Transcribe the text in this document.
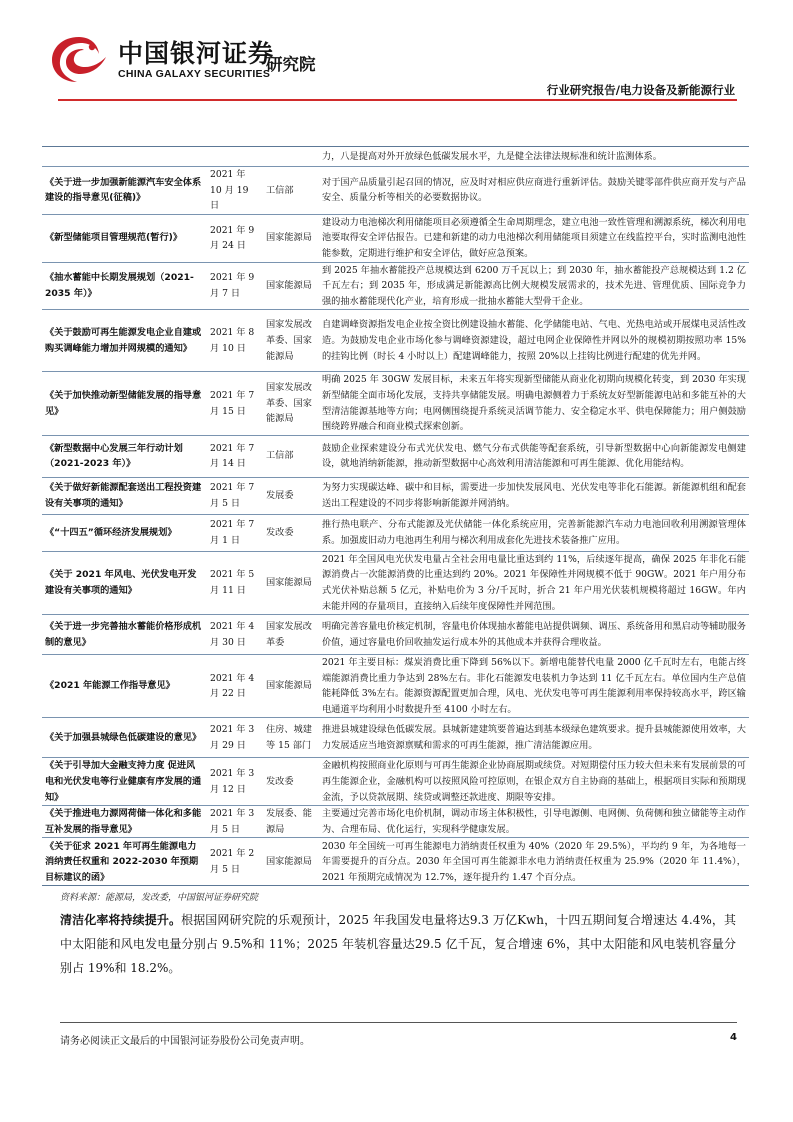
中国银河证券
CHINA GALAXY SECURITIES
研究院
行业研究报告/电力设备及新能源行业
			力，八是提高对外开放绿色低碳发展水平，九是健全法律法规标准和统计监测体系。
《关于进一步加强新能源汽车安全体系建设的指导意见(征稿)》	2021 年 10 月 19 日	工信部	对于国产品质量引起召回的情况，应及时对相应供应商进行重新评估。鼓励关键零部件供应商开发与产品安全、质量分析等相关的必要数据协议。
《新型储能项目管理规范(暂行)》	2021 年 9 月 24 日	国家能源局	建设动力电池梯次利用储能项目必须遵循全生命周期理念，建立电池一致性管理和溯源系统，梯次利用电池要取得安全评估报告。已建和新建的动力电池梯次利用储能项目须建立在线监控平台，实时监测电池性能参数，定期进行维护和安全评估，做好应急预案。
《抽水蓄能中长期发展规划（2021-2035 年）》	2021 年 9 月 7 日	国家能源局	到 2025 年抽水蓄能投产总规模达到 6200 万千瓦以上；到 2030 年，抽水蓄能投产总规模达到 1.2 亿千瓦左右；到 2035 年，形成满足新能源高比例大规模发展需求的，技术先进、管理优质、国际竞争力强的抽水蓄能现代化产业，培育形成一批抽水蓄能大型骨干企业。
《关于鼓励可再生能源发电企业自建或购买调峰能力增加并网规模的通知》	2021 年 8 月 10 日	国家发展改革委、国家能源局	自建调峰资源指发电企业按全资比例建设抽水蓄能、化学储能电站、气电、光热电站或开展煤电灵活性改造。为鼓励发电企业市场化参与调峰资源建设，超过电网企业保障性并网以外的规模初期按照功率 15%的挂钩比例（时长 4 小时以上）配建调峰能力，按照 20%以上挂钩比例进行配建的优先并网。
《关于加快推动新型储能发展的指导意见》	2021 年 7 月 15 日	国家发展改革委、国家能源局	明确 2025 年 30GW 发展目标，未来五年将实现新型储能从商业化初期向规模化转变，到 2030 年实现新型储能全面市场化发展，支持共享储能发展。明确电源侧着力于系统友好型新能源电站和多能互补的大型清洁能源基地等方向；电网侧围绕提升系统灵活调节能力、安全稳定水平、供电保障能力；用户侧鼓励围绕跨界融合和商业模式探索创新。
《新型数据中心发展三年行动计划（2021-2023 年）》	2021 年 7 月 14 日	工信部	鼓励企业探索建设分布式光伏发电、燃气分布式供能等配套系统，引导新型数据中心向新能源发电侧建设，就地消纳新能源，推动新型数据中心高效利用清洁能源和可再生能源、优化用能结构。
《关于做好新能源配套送出工程投资建设有关事项的通知》	2021 年 7 月 5 日	发展委	为努力实现碳达峰、碳中和目标，需要进一步加快发展风电、光伏发电等非化石能源。新能源机组和配套送出工程建设的不同步将影响新能源并网消纳。
《“十四五”循环经济发展规划》	2021 年 7 月 1 日	发改委	推行热电联产、分布式能源及光伏储能一体化系统应用，完善新能源汽车动力电池回收利用溯源管理体系。加强废旧动力电池再生利用与梯次利用成套化先进技术装备推广应用。
《关于 2021 年风电、光伏发电开发建设有关事项的通知》	2021 年 5 月 11 日	国家能源局	2021 年全国风电光伏发电量占全社会用电量比重达到约 11%，后续逐年提高，确保 2025 年非化石能源消费占一次能源消费的比重达到约 20%。2021 年保障性并网规模不低于 90GW。2021 年户用分布式光伏补贴总额 5 亿元，补贴电价为 3 分/千瓦时，折合 21 年户用光伏装机规模将超过 16GW。年内未能并网的存量项目，直接纳入后续年度保障性并网范围。
《关于进一步完善抽水蓄能价格形成机制的意见》	2021 年 4 月 30 日	国家发展改革委	明确完善容量电价核定机制，容量电价体现抽水蓄能电站提供调频、调压、系统备用和黑启动等辅助服务价值，通过容量电价回收抽发运行成本外的其他成本并获得合理收益。
《2021 年能源工作指导意见》	2021 年 4 月 22 日	国家能源局	2021 年主要目标：煤炭消费比重下降到 56%以下。新增电能替代电量 2000 亿千瓦时左右，电能占终端能源消费比重力争达到 28%左右。非化石能源发电装机力争达到 11 亿千瓦左右。单位国内生产总值能耗降低 3%左右。能源资源配置更加合理，风电、光伏发电等可再生能源利用率保持较高水平，跨区输电通道平均利用小时数提升至 4100 小时左右。
《关于加强县城绿色低碳建设的意见》	2021 年 3 月 29 日	住房、城建等 15 部门	推进县城建设绿色低碳发展。县城新建建筑要普遍达到基本级绿色建筑要求。提升县城能源使用效率，大力发展适应当地资源禀赋和需求的可再生能源，推广清洁能源应用。
《关于引导加大金融支持力度 促进风电和光伏发电等行业健康有序发展的通知》	2021 年 3 月 12 日	发改委	金融机构按照商业化原则与可再生能源企业协商展期或续贷。对短期偿付压力较大但未来有发展前景的可再生能源企业，金融机构可以按照风险可控原则，在银企双方自主协商的基础上，根据项目实际和预期现金流，予以贷款展期、续贷或调整还款进度、期限等安排。
《关于推进电力源网荷储一体化和多能互补发展的指导意见》	2021 年 3 月 5 日	发展委、能源局	主要通过完善市场化电价机制，调动市场主体积极性，引导电源侧、电网侧、负荷侧和独立储能等主动作为、合理布局、优化运行，实现科学健康发展。
《关于征求 2021 年可再生能源电力消纳责任权重和 2022-2030 年预期目标建议的函》	2021 年 2 月 5 日	国家能源局	2030 年全国统一可再生能源电力消纳责任权重为 40%（2020 年 29.5%），平均约 9 年，为各地每一年需要提升的百分点。2030 年全国可再生能源非水电力消纳责任权重为 25.9%（2020 年 11.4%），2021 年预期完成情况为 12.7%，逐年提升约 1.47 个百分点。
资料来源：能源局，发改委，中国银河证券研究院
清洁化率将持续提升。根据国网研究院的乐观预计，2025 年我国发电量将达9.3 万亿Kwh，十四五期间复合增速达 4.4%，其中太阳能和风电发电量分别占 9.5%和 11%；2025 年装机容量达29.5 亿千瓦，复合增速 6%，其中太阳能和风电装机容量分别占 19%和 18.2%。
请务必阅读正文最后的中国银河证券股份公司免责声明。	4
